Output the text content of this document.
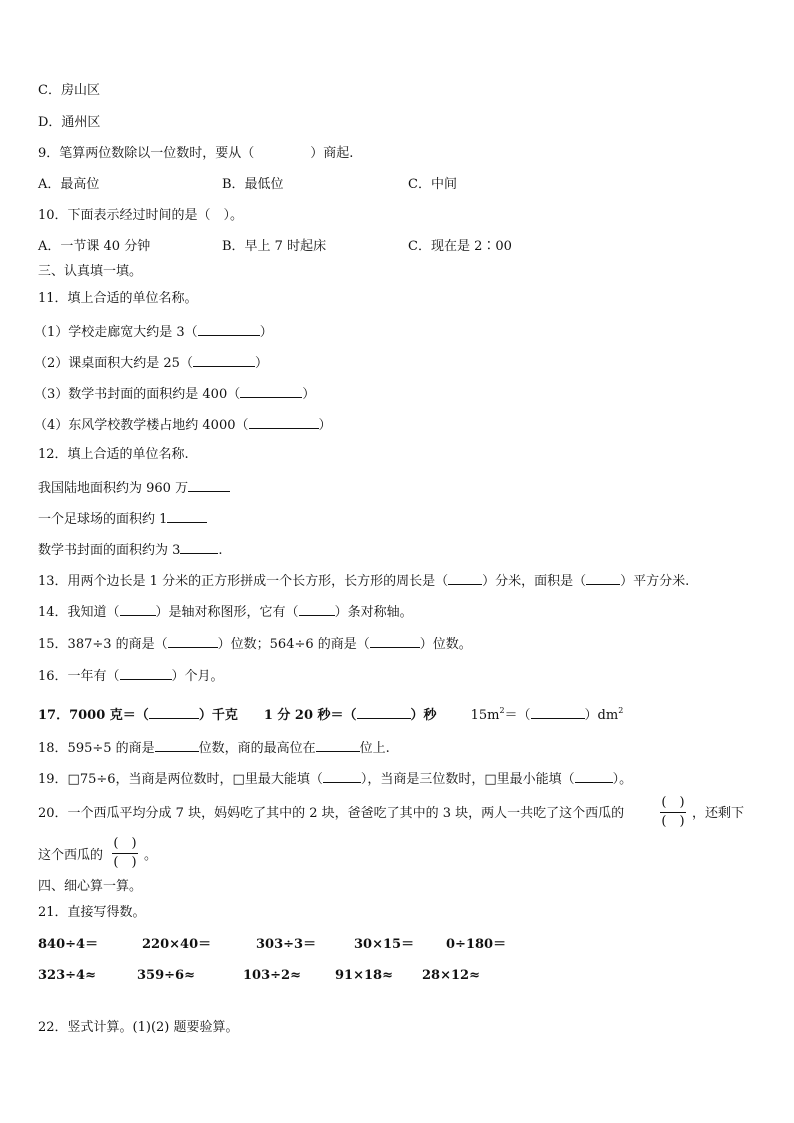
C．房山区
D．通州区
9．笔算两位数除以一位数时，要从（	）商起.
A．最高位	B．最低位	C．中间
10．下面表示经过时间的是（　）。
A．一节课 40 分钟	B．早上 7 时起床	C．现在是 2∶00
三、认真填一填。
11．填上合适的单位名称。
（1）学校走廊宽大约是 3（	）
（2）课桌面积大约是 25（	）
（3）数学书封面的面积约是 400（	）
（4）东风学校教学楼占地约 4000（	）
12．填上合适的单位名称.
我国陆地面积约为 960 万
一个足球场的面积约 1
数学书封面的面积约为 3	.
13．用两个边长是 1 分米的正方形拼成一个长方形，长方形的周长是（	）分米，面积是（	）平方分米.
14．我知道（	）是轴对称图形，它有（	）条对称轴。
15．387÷3 的商是（	）位数；564÷6 的商是（	）位数。
16．一年有（	）个月。
17．7000 克＝（	）千克 1 分 20 秒＝（	）秒	$15m^2=$（	）$dm^2$
18．595÷5 的商是	位数，商的最高位在	位上.
19．□75÷6，当商是两位数时，□里最大能填（	），当商是三位数时，□里最小能填（	）。
20．一个西瓜平均分成 7 块，妈妈吃了其中的 2 块，爸爸吃了其中的 3 块，两人一共吃了这个西瓜的
(　)
(　)
，还剩下
这个西瓜的
(　)
(　) 。
四、细心算一算。
21．直接写得数。
840÷4＝	220×40＝	303÷3＝	30×15＝ 0÷180＝
323÷4≈	359÷6≈	103÷2≈	91×18≈ 28×12≈
22．竖式计算。(1)(2) 题要验算。
